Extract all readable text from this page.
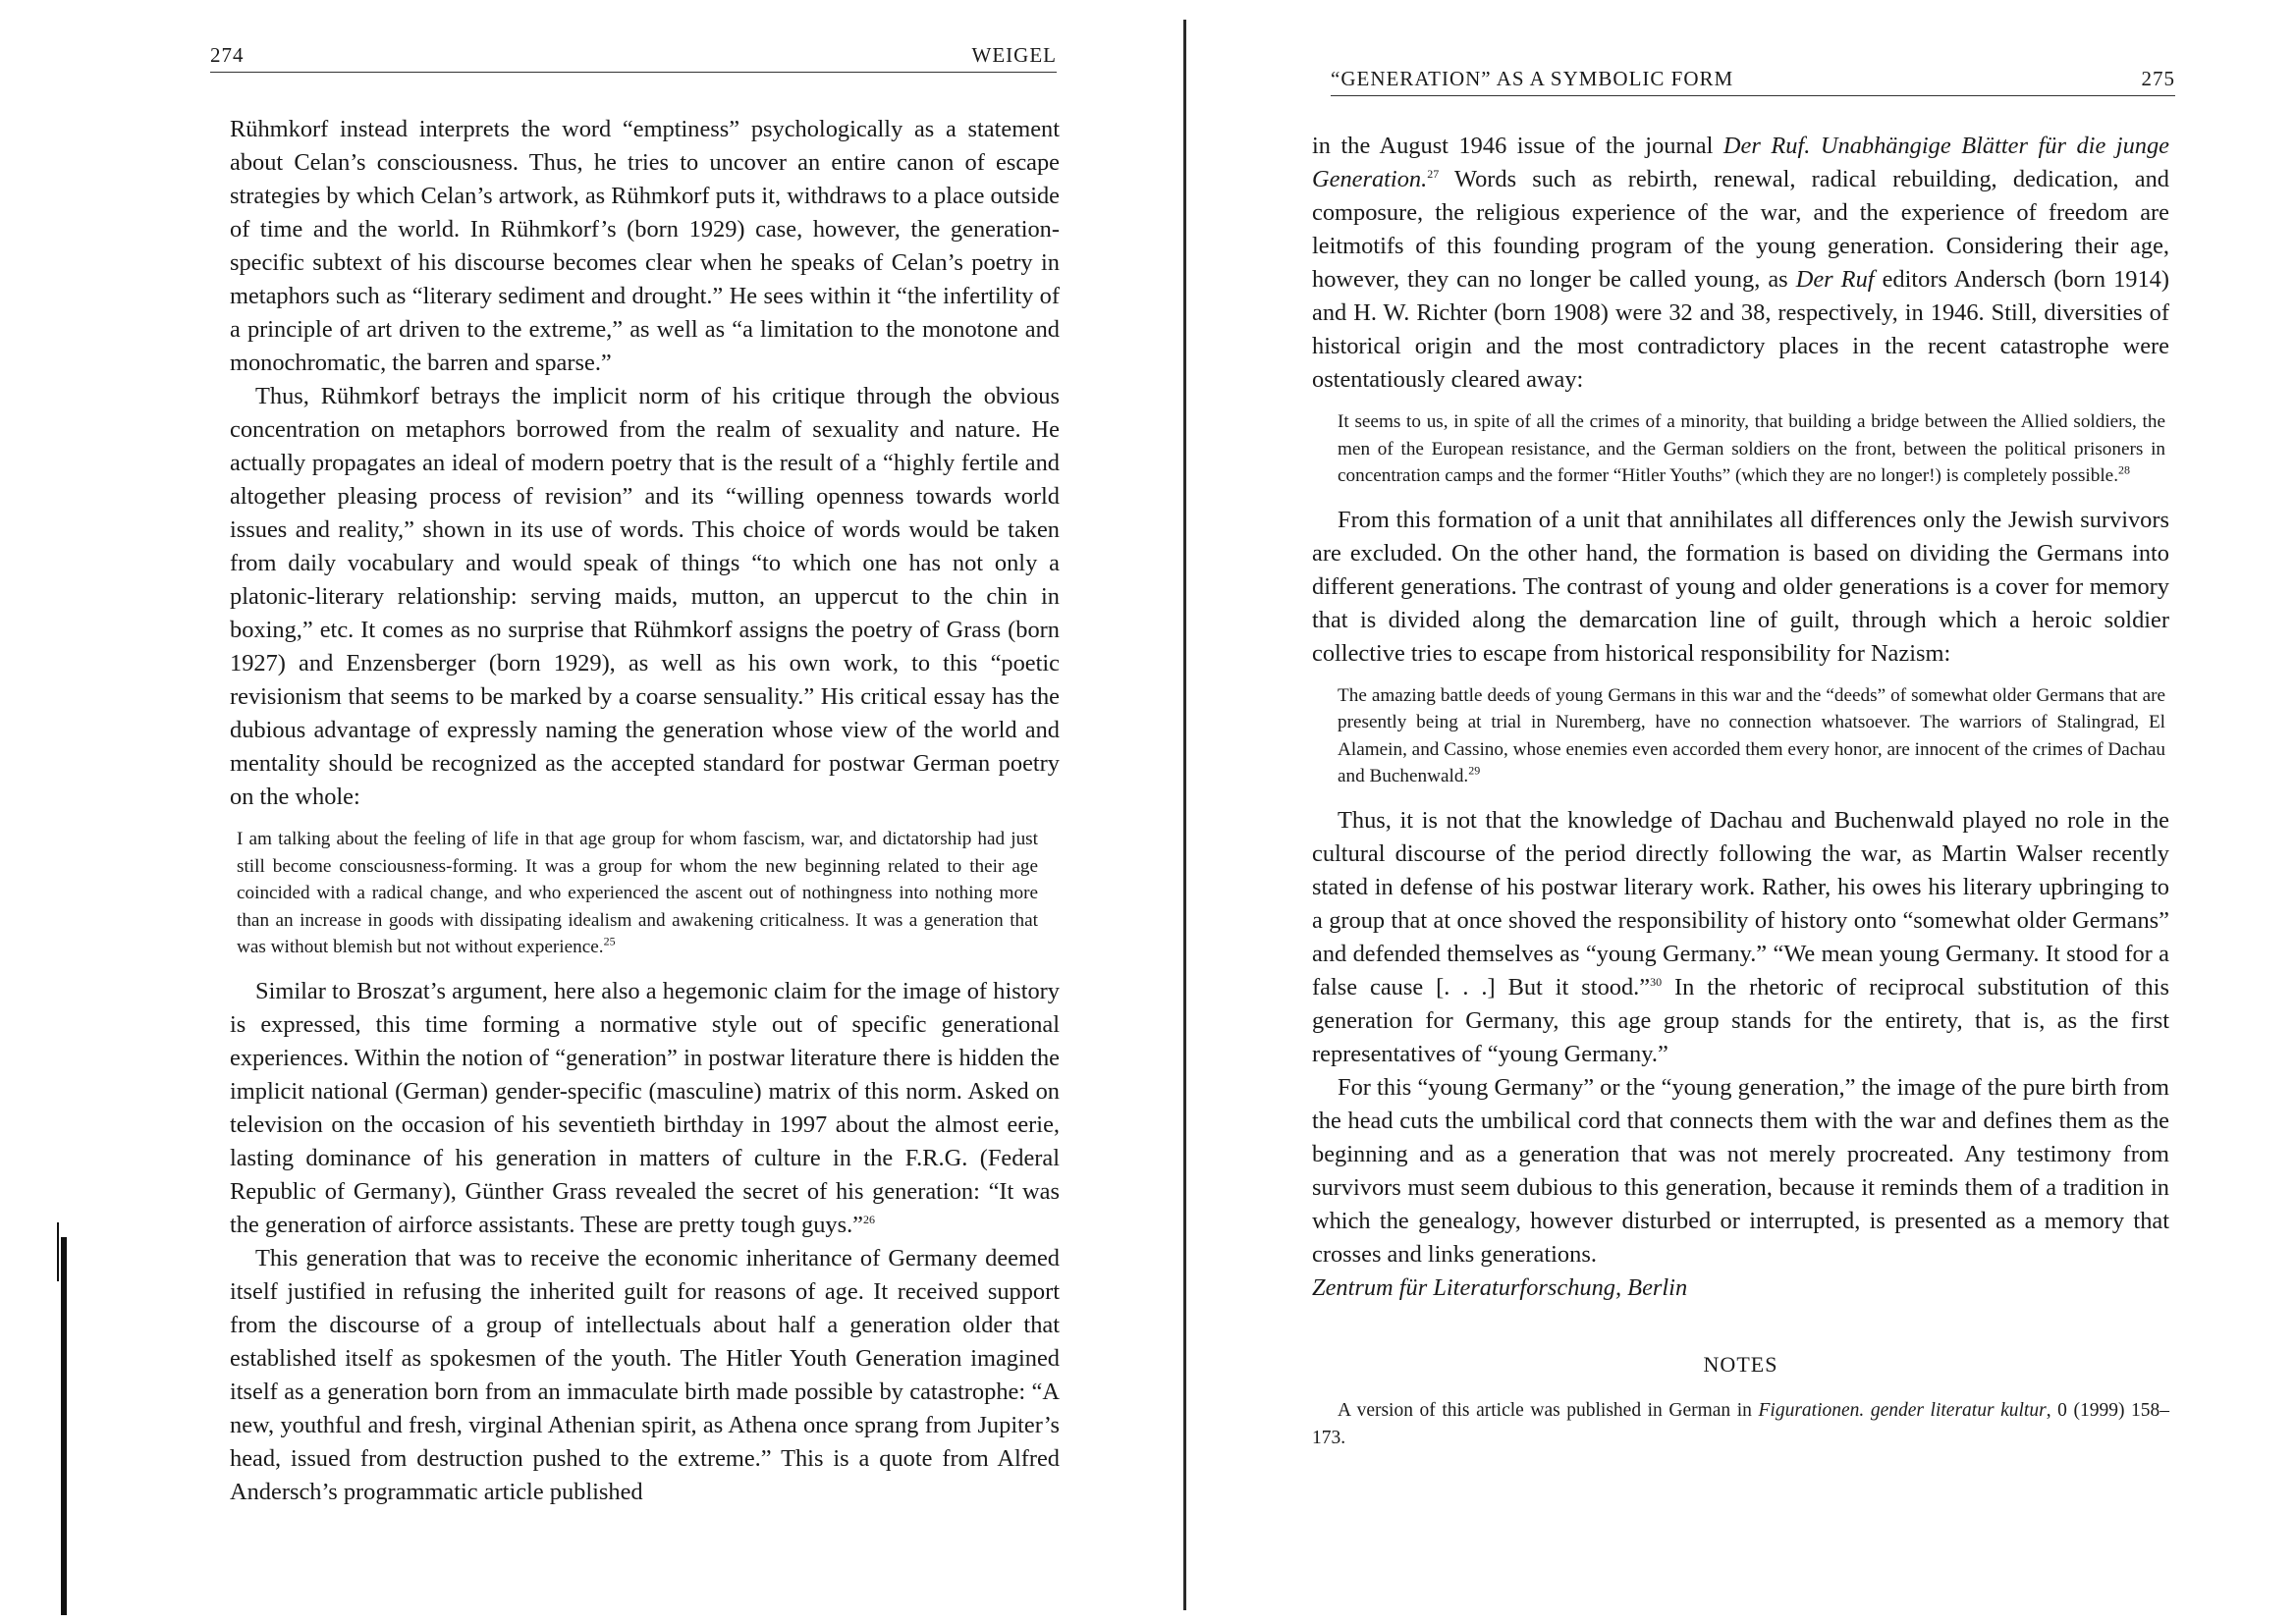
274	WEIGEL

Rühmkorf instead interprets the word “emptiness” psychologically as a statement about Celan’s consciousness. Thus, he tries to uncover an entire canon of escape strategies by which Celan’s artwork, as Rühmkorf puts it, withdraws to a place outside of time and the world. In Rühmkorf’s (born 1929) case, however, the generation-specific subtext of his discourse becomes clear when he speaks of Celan’s poetry in metaphors such as “literary sediment and drought.” He sees within it “the infertility of a principle of art driven to the extreme,” as well as “a limitation to the monotone and monochromatic, the barren and sparse.”

Thus, Rühmkorf betrays the implicit norm of his critique through the obvious concentration on metaphors borrowed from the realm of sexuality and nature. He actually propagates an ideal of modern poetry that is the result of a “highly fertile and altogether pleasing process of revision” and its “willing openness towards world issues and reality,” shown in its use of words. This choice of words would be taken from daily vocabulary and would speak of things “to which one has not only a platonic-literary relationship: serving maids, mutton, an uppercut to the chin in boxing,” etc. It comes as no surprise that Rühmkorf assigns the poetry of Grass (born 1927) and Enzensberger (born 1929), as well as his own work, to this “poetic revisionism that seems to be marked by a coarse sensuality.” His critical essay has the dubious advantage of expressly naming the generation whose view of the world and mentality should be recognized as the accepted standard for postwar German poetry on the whole:

I am talking about the feeling of life in that age group for whom fascism, war, and dictatorship had just still become consciousness-forming. It was a group for whom the new beginning related to their age coincided with a radical change, and who experienced the ascent out of nothingness into nothing more than an increase in goods with dissipating idealism and awakening criticalness. It was a generation that was without blemish but not without experience.$^{25}$

Similar to Broszat’s argument, here also a hegemonic claim for the image of history is expressed, this time forming a normative style out of specific generational experiences. Within the notion of “generation” in postwar literature there is hidden the implicit national (German) gender-specific (masculine) matrix of this norm. Asked on television on the occasion of his seventieth birthday in 1997 about the almost eerie, lasting dominance of his generation in matters of culture in the F.R.G. (Federal Republic of Germany), Günther Grass revealed the secret of his generation: “It was the generation of airforce assistants. These are pretty tough guys.”$^{26}$

This generation that was to receive the economic inheritance of Germany deemed itself justified in refusing the inherited guilt for reasons of age. It received support from the discourse of a group of intellectuals about half a generation older that established itself as spokesmen of the youth. The Hitler Youth Generation imagined itself as a generation born from an immaculate birth made possible by catastrophe: “A new, youthful and fresh, virginal Athenian spirit, as Athena once sprang from Jupiter’s head, issued from destruction pushed to the extreme.” This is a quote from Alfred Andersch’s programmatic article published

“GENERATION” AS A SYMBOLIC FORM	275

in the August 1946 issue of the journal Der Ruf. Unabhängige Blätter für die junge Generation.$^{27}$ Words such as rebirth, renewal, radical rebuilding, dedication, and composure, the religious experience of the war, and the experience of freedom are leitmotifs of this founding program of the young generation. Considering their age, however, they can no longer be called young, as Der Ruf editors Andersch (born 1914) and H. W. Richter (born 1908) were 32 and 38, respectively, in 1946. Still, diversities of historical origin and the most contradictory places in the recent catastrophe were ostentatiously cleared away:

It seems to us, in spite of all the crimes of a minority, that building a bridge between the Allied soldiers, the men of the European resistance, and the German soldiers on the front, between the political prisoners in concentration camps and the former “Hitler Youths” (which they are no longer!) is completely possible.$^{28}$

From this formation of a unit that annihilates all differences only the Jewish survivors are excluded. On the other hand, the formation is based on dividing the Germans into different generations. The contrast of young and older generations is a cover for memory that is divided along the demarcation line of guilt, through which a heroic soldier collective tries to escape from historical responsibility for Nazism:

The amazing battle deeds of young Germans in this war and the “deeds” of somewhat older Germans that are presently being at trial in Nuremberg, have no connection whatsoever. The warriors of Stalingrad, El Alamein, and Cassino, whose enemies even accorded them every honor, are innocent of the crimes of Dachau and Buchenwald.$^{29}$

Thus, it is not that the knowledge of Dachau and Buchenwald played no role in the cultural discourse of the period directly following the war, as Martin Walser recently stated in defense of his postwar literary work. Rather, his owes his literary upbringing to a group that at once shoved the responsibility of history onto “somewhat older Germans” and defended themselves as “young Germany.” “We mean young Germany. It stood for a false cause [. . .] But it stood.”$^{30}$ In the rhetoric of reciprocal substitution of this generation for Germany, this age group stands for the entirety, that is, as the first representatives of “young Germany.”

For this “young Germany” or the “young generation,” the image of the pure birth from the head cuts the umbilical cord that connects them with the war and defines them as the beginning and as a generation that was not merely procreated. Any testimony from survivors must seem dubious to this generation, because it reminds them of a tradition in which the genealogy, however disturbed or interrupted, is presented as a memory that crosses and links generations.

Zentrum für Literaturforschung, Berlin

NOTES
A version of this article was published in German in Figurationen. gender literatur kultur, 0 (1999) 158–173.
